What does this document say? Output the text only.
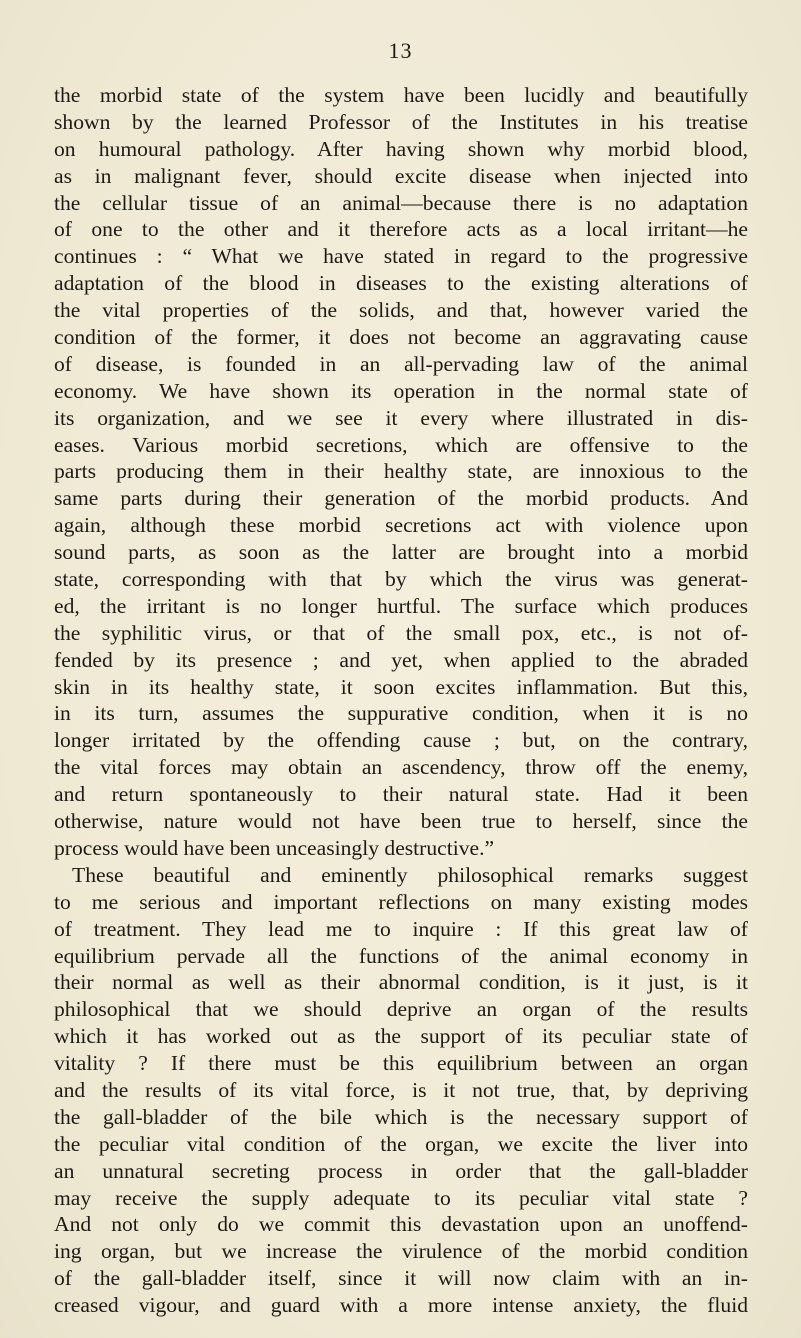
13
the morbid state of the system have been lucidly and beautifully
shown by the learned Professor of the Institutes in his treatise
on humoural pathology. After having shown why morbid blood,
as in malignant fever, should excite disease when injected into
the cellular tissue of an animal—because there is no adaptation
of one to the other and it therefore acts as a local irritant—he
continues : “ What we have stated in regard to the progressive
adaptation of the blood in diseases to the existing alterations of
the vital properties of the solids, and that, however varied the
condition of the former, it does not become an aggravating cause
of disease, is founded in an all-pervading law of the animal
economy. We have shown its operation in the normal state of
its organization, and we see it every where illustrated in dis-
eases. Various morbid secretions, which are offensive to the
parts producing them in their healthy state, are innoxious to the
same parts during their generation of the morbid products. And
again, although these morbid secretions act with violence upon
sound parts, as soon as the latter are brought into a morbid
state, corresponding with that by which the virus was generat-
ed, the irritant is no longer hurtful. The surface which produces
the syphilitic virus, or that of the small pox, etc., is not of-
fended by its presence ; and yet, when applied to the abraded
skin in its healthy state, it soon excites inflammation. But this,
in its turn, assumes the suppurative condition, when it is no
longer irritated by the offending cause ; but, on the contrary,
the vital forces may obtain an ascendency, throw off the enemy,
and return spontaneously to their natural state. Had it been
otherwise, nature would not have been true to herself, since the
process would have been unceasingly destructive.”
These beautiful and eminently philosophical remarks suggest
to me serious and important reflections on many existing modes
of treatment. They lead me to inquire : If this great law of
equilibrium pervade all the functions of the animal economy in
their normal as well as their abnormal condition, is it just, is it
philosophical that we should deprive an organ of the results
which it has worked out as the support of its peculiar state of
vitality ? If there must be this equilibrium between an organ
and the results of its vital force, is it not true, that, by depriving
the gall-bladder of the bile which is the necessary support of
the peculiar vital condition of the organ, we excite the liver into
an unnatural secreting process in order that the gall-bladder
may receive the supply adequate to its peculiar vital state ?
And not only do we commit this devastation upon an unoffend-
ing organ, but we increase the virulence of the morbid condition
of the gall-bladder itself, since it will now claim with an in-
creased vigour, and guard with a more intense anxiety, the fluid
